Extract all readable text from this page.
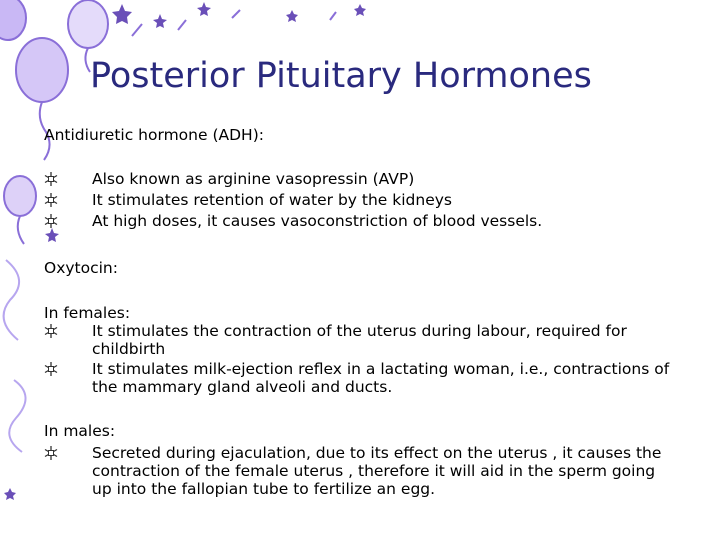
Posterior Pituitary Hormones
Antidiuretic hormone (ADH):
Also known as arginine vasopressin (AVP)
It stimulates retention of water by the kidneys
At high doses, it causes vasoconstriction of blood vessels.
Oxytocin:
In females:
It stimulates the contraction of the uterus during labour, required for childbirth
It stimulates milk-ejection reflex in a lactating woman, i.e., contractions of the mammary gland alveoli and ducts.
In males:
Secreted during ejaculation, due to its effect on the uterus , it causes the contraction of the female uterus , therefore it will aid in the sperm going up into the fallopian tube to fertilize an egg.
